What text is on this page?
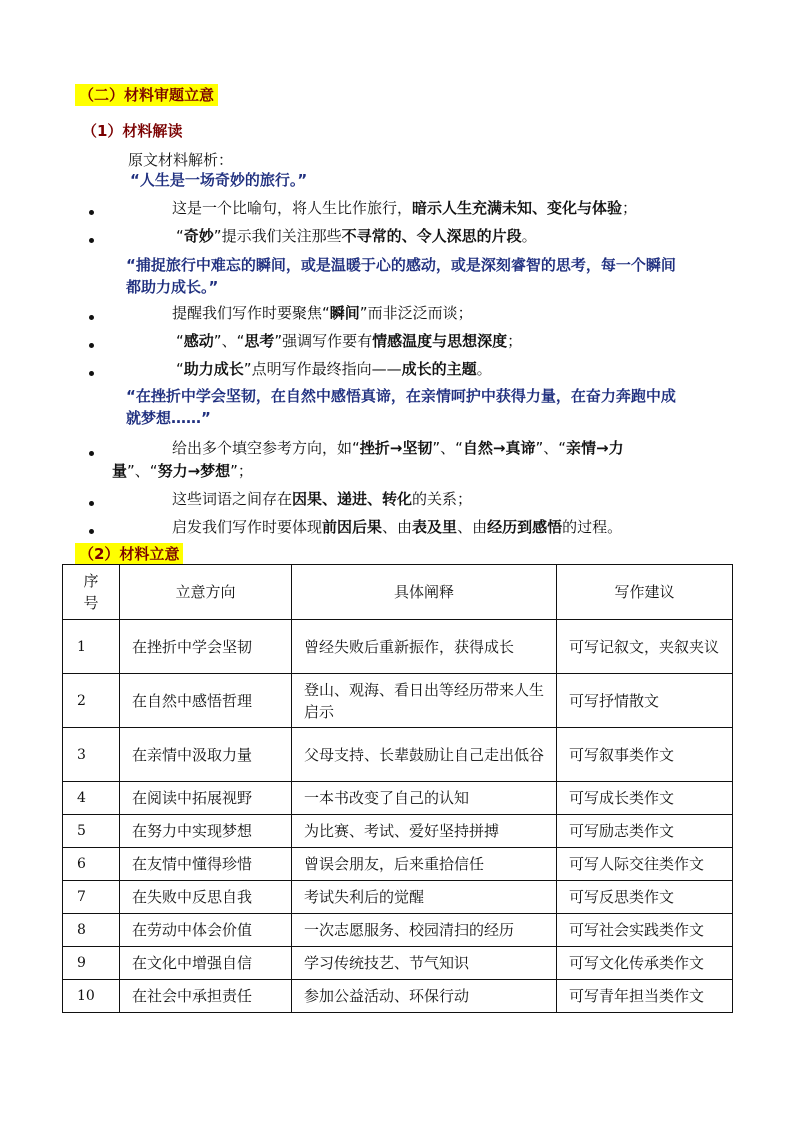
（二）材料审题立意
（1）材料解读
原文材料解析：
“人生是一场奇妙的旅行。”
这是一个比喻句，将人生比作旅行，暗示人生充满未知、变化与体验；
“奇妙”提示我们关注那些不寻常的、令人深思的片段。
“捕捉旅行中难忘的瞬间，或是温暖于心的感动，或是深刻睿智的思考，每一个瞬间
都助力成长。”
提醒我们写作时要聚焦“瞬间”而非泛泛而谈；
“感动”、“思考”强调写作要有情感温度与思想深度；
“助力成长”点明写作最终指向——成长的主题。
“在挫折中学会坚韧，在自然中感悟真谛，在亲情呵护中获得力量，在奋力奔跑中成
就梦想……”
给出多个填空参考方向，如“挫折→坚韧”、“自然→真谛”、“亲情→力
量”、“努力→梦想”；
这些词语之间存在因果、递进、转化的关系；
启发我们写作时要体现前因后果、由表及里、由经历到感悟的过程。
（2）材料立意
序号	立意方向	具体阐释	写作建议
1	在挫折中学会坚韧	曾经失败后重新振作，获得成长	可写记叙文，夹叙夹议
2	在自然中感悟哲理	登山、观海、看日出等经历带来人生启示	可写抒情散文
3	在亲情中汲取力量	父母支持、长辈鼓励让自己走出低谷	可写叙事类作文
4	在阅读中拓展视野	一本书改变了自己的认知	可写成长类作文
5	在努力中实现梦想	为比赛、考试、爱好坚持拼搏	可写励志类作文
6	在友情中懂得珍惜	曾误会朋友，后来重拾信任	可写人际交往类作文
7	在失败中反思自我	考试失利后的觉醒	可写反思类作文
8	在劳动中体会价值	一次志愿服务、校园清扫的经历	可写社会实践类作文
9	在文化中增强自信	学习传统技艺、节气知识	可写文化传承类作文
10	在社会中承担责任	参加公益活动、环保行动	可写青年担当类作文
